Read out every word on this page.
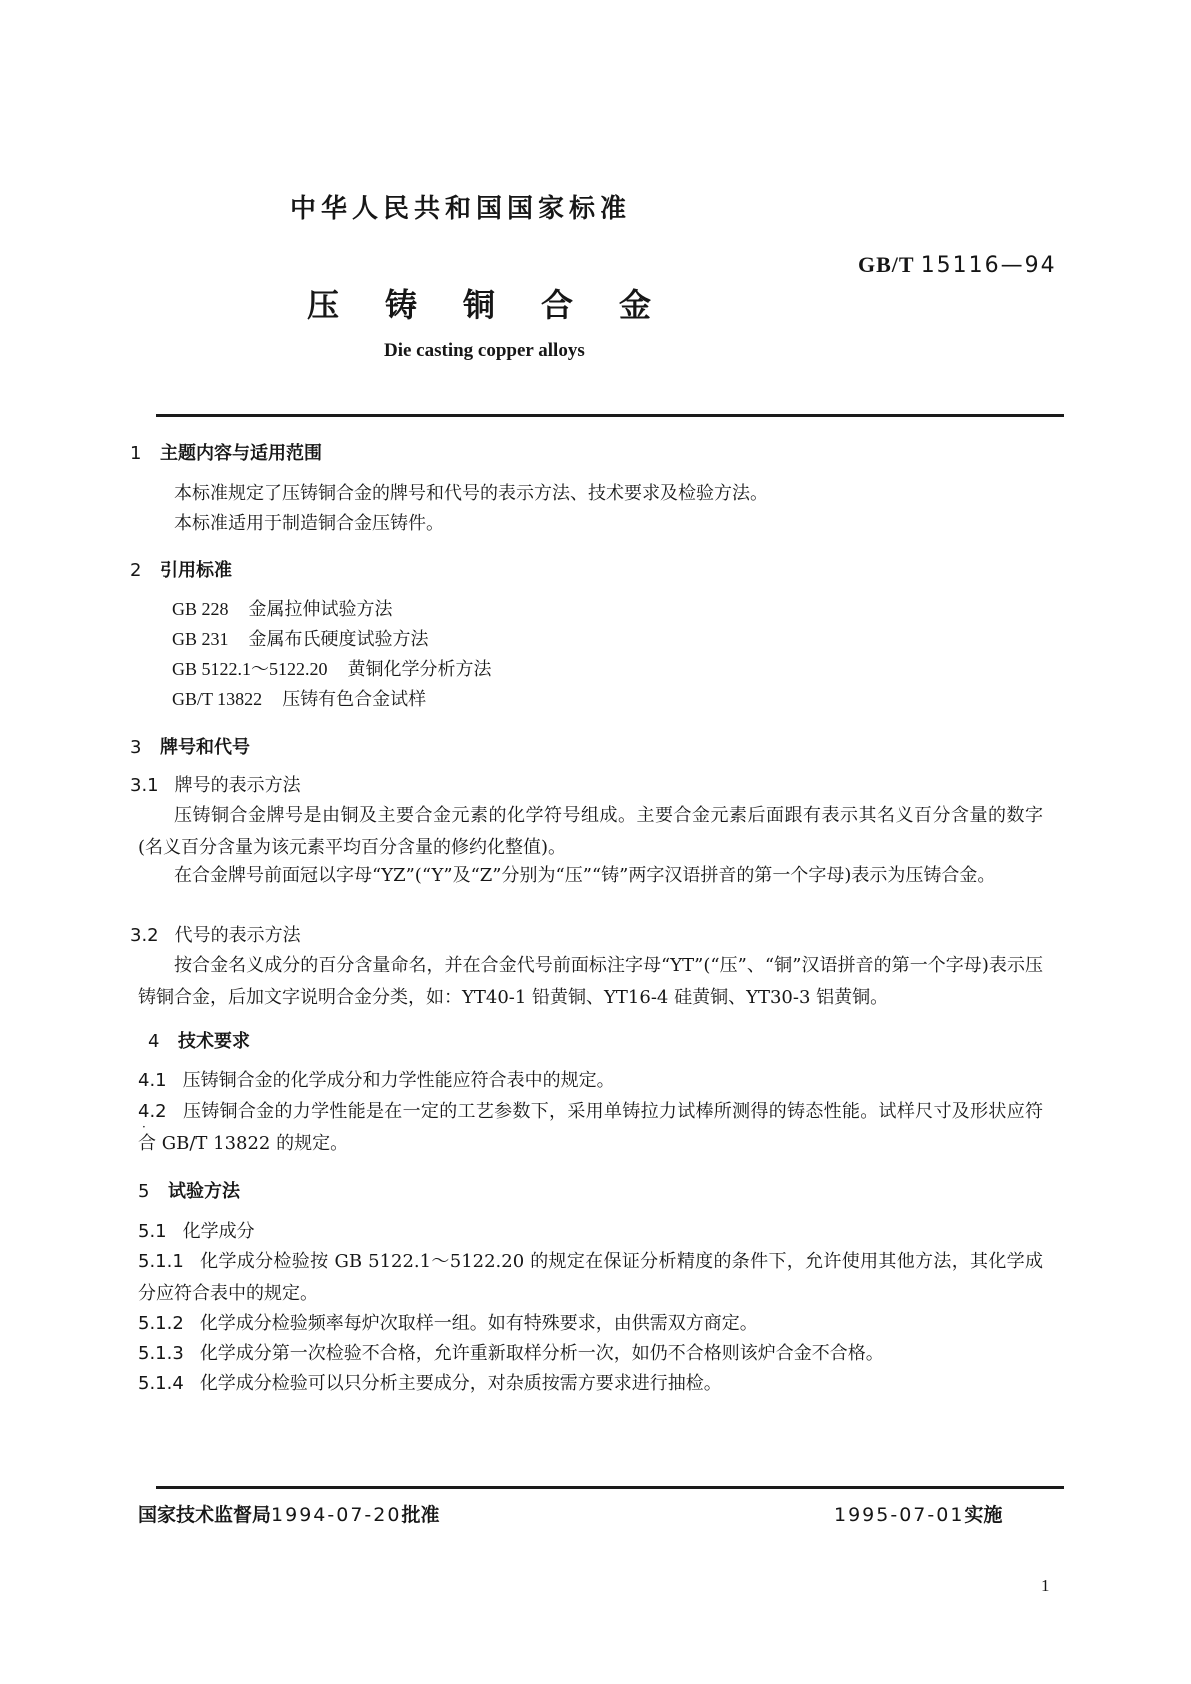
中华人民共和国国家标准
GB/T 15116—94
压铸铜合金
Die casting copper alloys
1 主题内容与适用范围
本标准规定了压铸铜合金的牌号和代号的表示方法、技术要求及检验方法。
本标准适用于制造铜合金压铸件。
2 引用标准
GB 228 金属拉伸试验方法
GB 231 金属布氏硬度试验方法
GB 5122.1～5122.20 黄铜化学分析方法
GB/T 13822 压铸有色合金试样
3 牌号和代号
3.1 牌号的表示方法
压铸铜合金牌号是由铜及主要合金元素的化学符号组成。主要合金元素后面跟有表示其名义百分含量的数字(名义百分含量为该元素平均百分含量的修约化整值)。
在合金牌号前面冠以字母“YZ”(“Y”及“Z”分别为“压”“铸”两字汉语拼音的第一个字母)表示为压铸合金。
3.2 代号的表示方法
按合金名义成分的百分含量命名，并在合金代号前面标注字母“YT”(“压”、“铜”汉语拼音的第一个字母)表示压铸铜合金，后加文字说明合金分类，如：YT40-1 铅黄铜、YT16-4 硅黄铜、YT30-3 铝黄铜。
·
4 技术要求
4.1 压铸铜合金的化学成分和力学性能应符合表中的规定。
4.2 压铸铜合金的力学性能是在一定的工艺参数下，采用单铸拉力试棒所测得的铸态性能。试样尺寸及形状应符合 GB/T 13822 的规定。
5 试验方法
5.1 化学成分
5.1.1 化学成分检验按 GB 5122.1～5122.20 的规定在保证分析精度的条件下，允许使用其他方法，其化学成分应符合表中的规定。
5.1.2 化学成分检验频率每炉次取样一组。如有特殊要求，由供需双方商定。
5.1.3 化学成分第一次检验不合格，允许重新取样分析一次，如仍不合格则该炉合金不合格。
5.1.4 化学成分检验可以只分析主要成分，对杂质按需方要求进行抽检。
国家技术监督局1994-07-20批准	1995-07-01实施
1
